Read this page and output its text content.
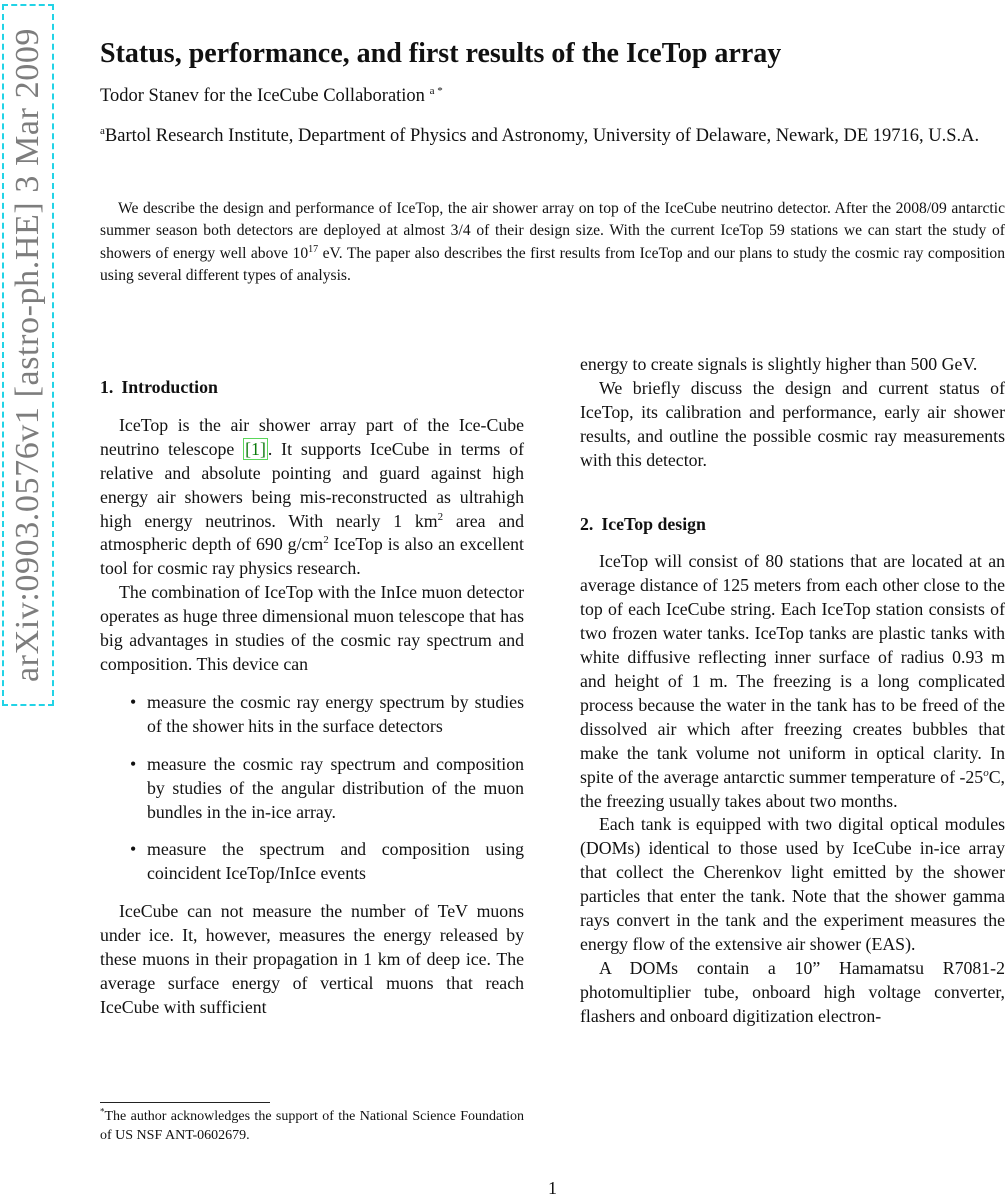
arXiv:0903.0576v1 [astro-ph.HE] 3 Mar 2009 Status, performance, and first results of the IceTop array
Todor Stanev for the IceCube Collaboration $^{a *}$
$^a$Bartol Research Institute, Department of Physics and Astronomy, University of Delaware, Newark, DE 19716, U.S.A.

We describe the design and performance of IceTop, the air shower array on top of the IceCube neutrino detector. After the 2008/09 antarctic summer season both detectors are deployed at almost 3/4 of their design size. With the current IceTop 59 stations we can start the study of showers of energy well above $10^{17}$ eV. The paper also describes the first results from IceTop and our plans to study the cosmic ray composition using several different types of analysis.

1. Introduction

IceTop is the air shower array part of the Ice-Cube neutrino telescope [1] . It supports IceCube in terms of relative and absolute pointing and guard against high energy air showers being mis-reconstructed as ultrahigh high energy neutrinos. With nearly 1 $km^2$ area and atmospheric depth of 690 $g/cm^2$ IceTop is also an excellent tool for cosmic ray physics research.

The combination of IceTop with the InIce muon detector operates as huge three dimensional muon telescope that has big advantages in studies of the cosmic ray spectrum and composition. This device can

• measure the cosmic ray energy spectrum by studies of the shower hits in the surface detectors
• measure the cosmic ray spectrum and composition by studies of the angular distribution of the muon bundles in the in-ice array.
• measure the spectrum and composition using coincident IceTop/InIce events

IceCube can not measure the number of TeV muons under ice. It, however, measures the energy released by these muons in their propagation in 1 km of deep ice. The average surface energy of vertical muons that reach IceCube with sufficient

energy to create signals is slightly higher than 500 GeV.

We briefly discuss the design and current status of IceTop, its calibration and performance, early air shower results, and outline the possible cosmic ray measurements with this detector.

2. IceTop design

IceTop will consist of 80 stations that are located at an average distance of 125 meters from each other close to the top of each IceCube string. Each IceTop station consists of two frozen water tanks. IceTop tanks are plastic tanks with white diffusive reflecting inner surface of radius 0.93 m and height of 1 m. The freezing is a long complicated process because the water in the tank has to be freed of the dissolved air which after freezing creates bubbles that make the tank volume not uniform in optical clarity. In spite of the average antarctic summer temperature of -25$^o$C, the freezing usually takes about two months.

Each tank is equipped with two digital optical modules (DOMs) identical to those used by IceCube in-ice array that collect the Cherenkov light emitted by the shower particles that enter the tank. Note that the shower gamma rays convert in the tank and the experiment measures the energy flow of the extensive air shower (EAS).

A DOMs contain a 10” Hamamatsu R7081-2 photomultiplier tube, onboard high voltage converter, flashers and onboard digitization electron-

*The author acknowledges the support of the National Science Foundation of US NSF ANT-0602679.

1
